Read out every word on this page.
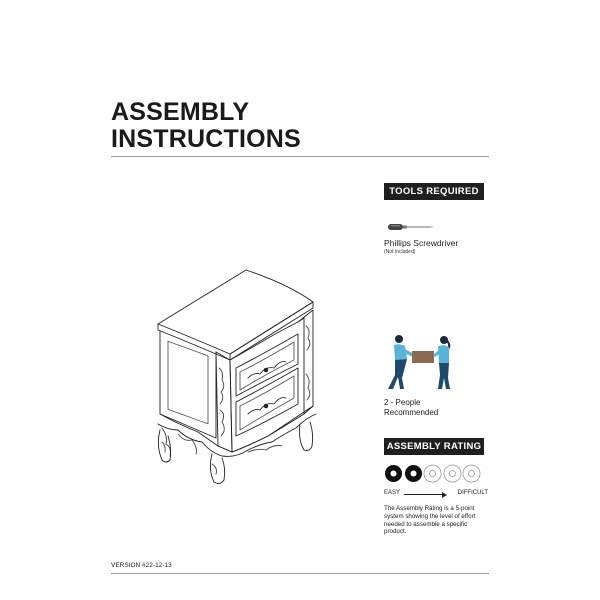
ASSEMBLY
INSTRUCTIONS
TOOLS REQUIRED
Phillips Screwdriver
(Not Included)
2 - People
Recommended
ASSEMBLY RATING
EASY	DIFFICULT
The Assembly Rating is a 5-point system showing the level of effort needed to assemble a specific product.
VERSION #22-12-13
